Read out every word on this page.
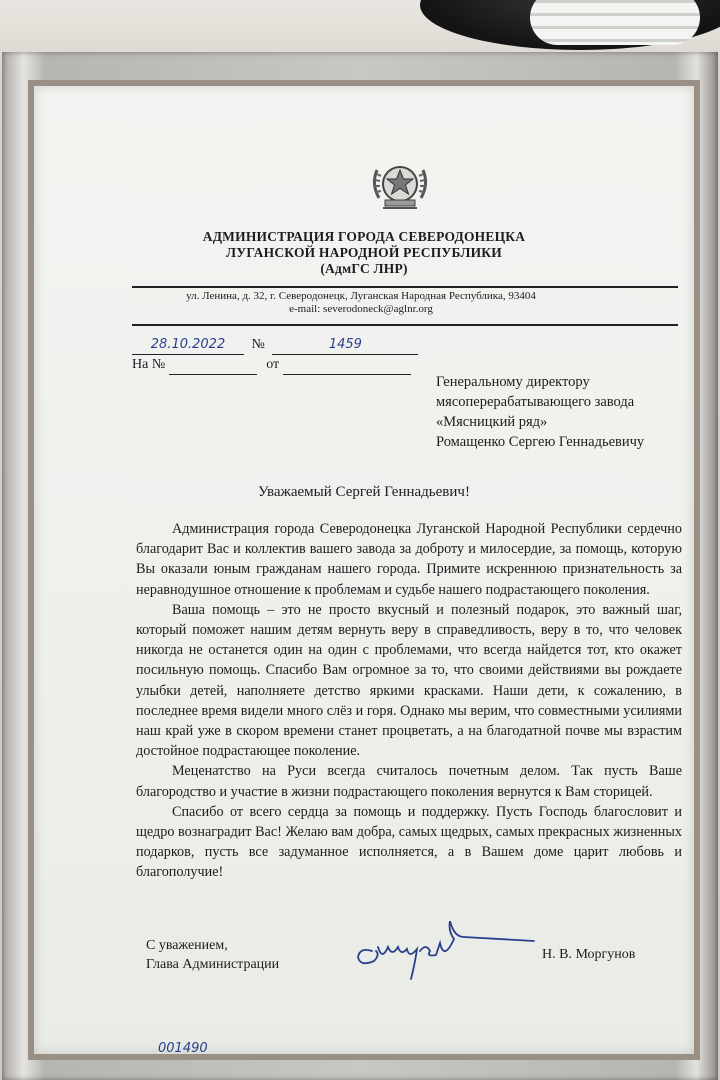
АДМИНИСТРАЦИЯ ГОРОДА СЕВЕРОДОНЕЦКА
ЛУГАНСКОЙ НАРОДНОЙ РЕСПУБЛИКИ
(АдмГС ЛНР)
ул. Ленина, д. 32, г. Северодонецк, Луганская Народная Республика, 93404
e-mail: severodoneck@aglnr.org
28.10.2022 №	1459
На №	от
Генеральному директору
мясоперерабатывающего завода
«Мясницкий ряд»
Ромащенко Сергею Геннадьевичу
Уважаемый Сергей Геннадьевич!

Администрация города Северодонецка Луганской Народной Республики сердечно благодарит Вас и коллектив вашего завода за доброту и милосердие, за помощь, которую Вы оказали юным гражданам нашего города. Примите искреннюю признательность за неравнодушное отношение к проблемам и судьбе нашего подрастающего поколения.

Ваша помощь – это не просто вкусный и полезный подарок, это важный шаг, который поможет нашим детям вернуть веру в справедливость, веру в то, что человек никогда не останется один на один с проблемами, что всегда найдется тот, кто окажет посильную помощь. Спасибо Вам огромное за то, что своими действиями вы рождаете улыбки детей, наполняете детство яркими красками. Наши дети, к сожалению, в последнее время видели много слёз и горя. Однако мы верим, что совместными усилиями наш край уже в скором времени станет процветать, а на благодатной почве мы взрастим достойное подрастающее поколение.

Меценатство на Руси всегда считалось почетным делом. Так пусть Ваше благородство и участие в жизни подрастающего поколения вернутся к Вам сторицей.

Спасибо от всего сердца за помощь и поддержку. Пусть Господь благословит и щедро вознаградит Вас! Желаю вам добра, самых щедрых, самых прекрасных жизненных подарков, пусть все задуманное исполняется, а в Вашем доме царит любовь и благополучие!

С уважением,
Глава Администрации
Н. В. Моргунов
001490
